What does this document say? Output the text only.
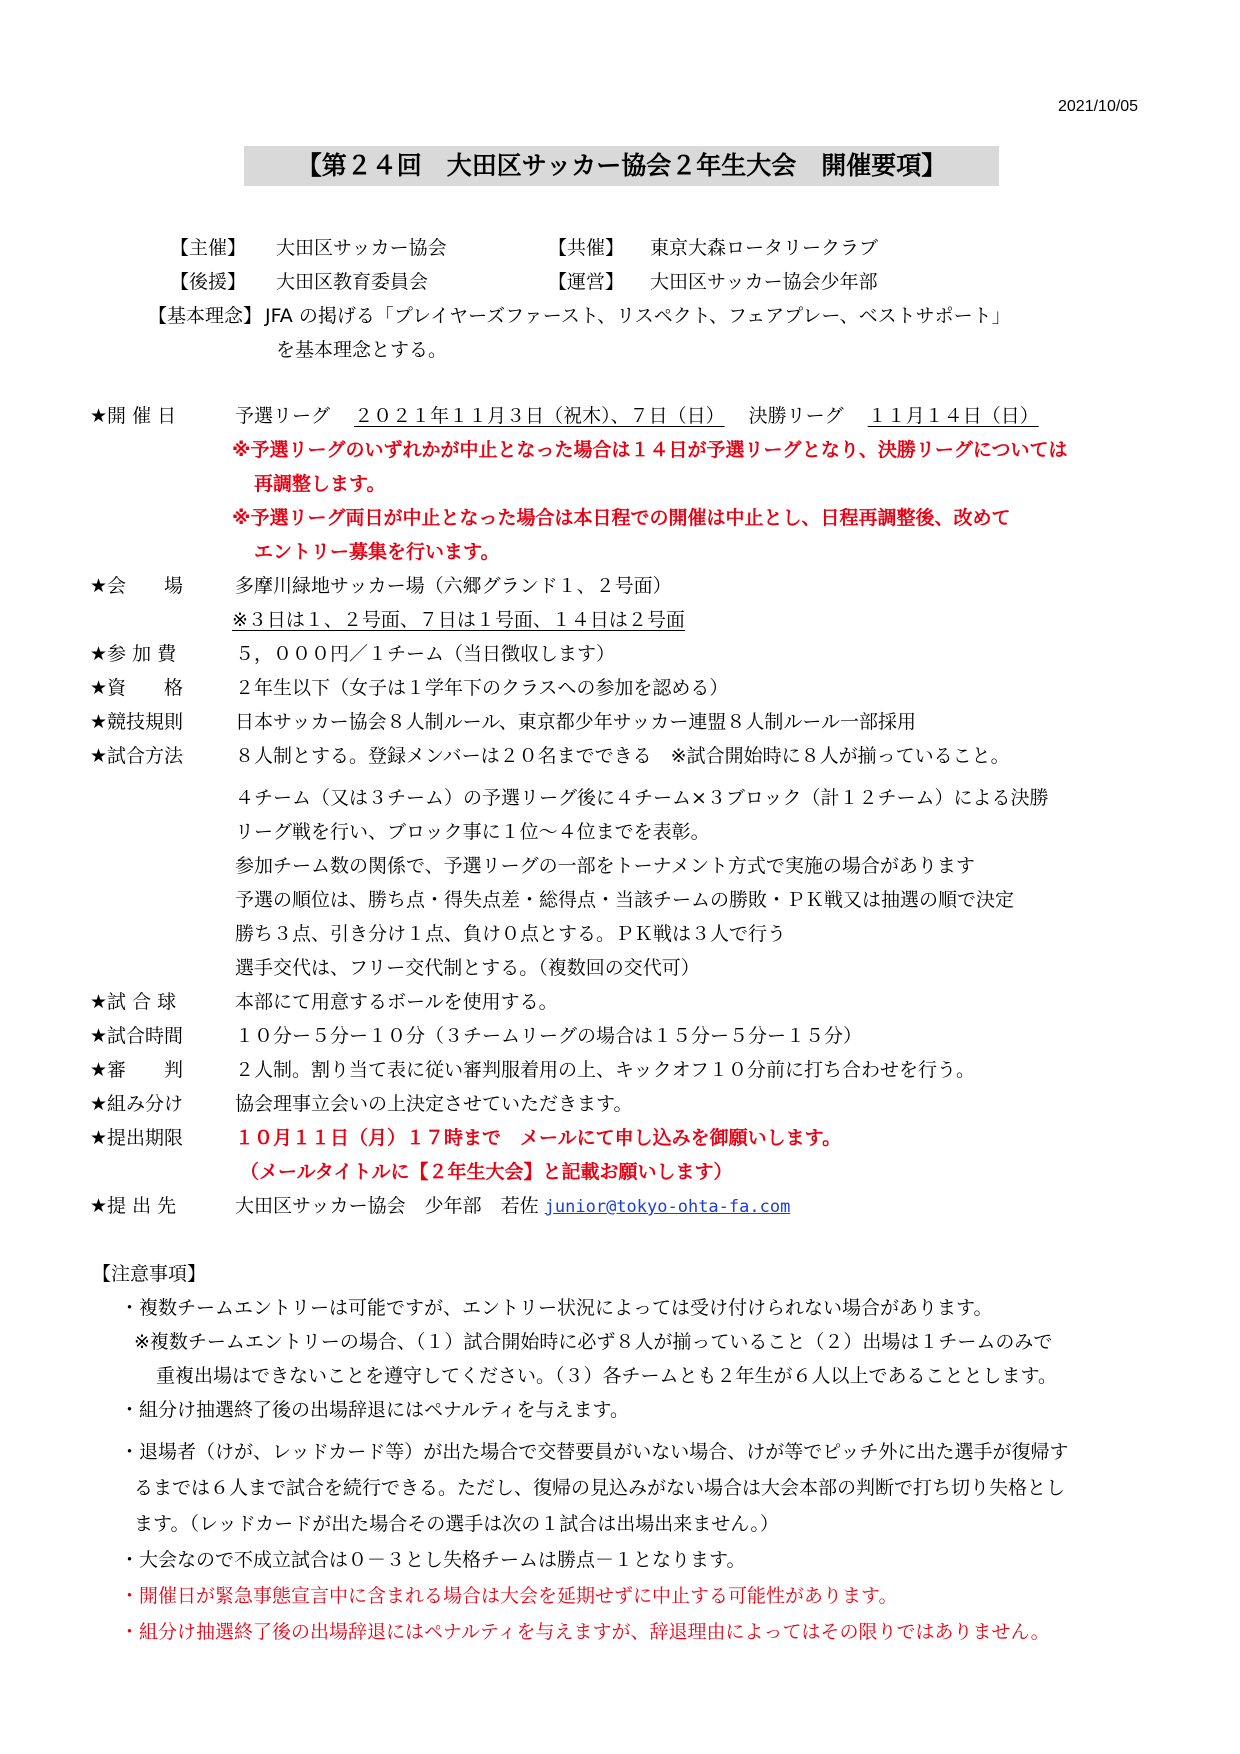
2021/10/05
【第２４回　大田区サッカー協会２年生大会　開催要項】
【主催】 大田区サッカー協会	【共催】 東京大森ロータリークラブ
【後援】 大田区教育委員会	【運営】 大田区サッカー協会少年部
【基本理念】 JFA の掲げる「プレイヤーズファースト、リスペクト、フェアプレー、ベストサポート」
を基本理念とする。
★開 催 日	予選リーグ ２０２１年１１月３日（祝木）、７日（日） 決勝リーグ １１月１４日（日）
※予選リーグのいずれかが中止となった場合は１４日が予選リーグとなり、決勝リーグについては
再調整します。
※予選リーグ両日が中止となった場合は本日程での開催は中止とし、日程再調整後、改めて
エントリー募集を行います。
★会　　場	多摩川緑地サッカー場（六郷グランド１、２号面）
※３日は１、２号面、７日は１号面、１４日は２号面
★参 加 費	５，０００円／１チーム（当日徴収します）
★資　　格	２年生以下（女子は１学年下のクラスへの参加を認める）
★競技規則	日本サッカー協会８人制ルール、東京都少年サッカー連盟８人制ルール一部採用
★試合方法	８人制とする。登録メンバーは２０名までできる　※試合開始時に８人が揃っていること。
４チーム（又は３チーム）の予選リーグ後に４チーム×３ブロック（計１２チーム）による決勝
リーグ戦を行い、ブロック事に１位～４位までを表彰。
参加チーム数の関係で、予選リーグの一部をトーナメント方式で実施の場合があります
予選の順位は、勝ち点・得失点差・総得点・当該チームの勝敗・ＰＫ戦又は抽選の順で決定
勝ち３点、引き分け１点、負け０点とする。ＰＫ戦は３人で行う
選手交代は、フリー交代制とする。（複数回の交代可）
★試 合 球	本部にて用意するボールを使用する。
★試合時間	１０分ー５分ー１０分（３チームリーグの場合は１５分ー５分ー１５分）
★審　　判	２人制。割り当て表に従い審判服着用の上、キックオフ１０分前に打ち合わせを行う。
★組み分け	協会理事立会いの上決定させていただきます。
★提出期限	１０月１１日（月）１７時まで　メールにて申し込みを御願いします。
（メールタイトルに【２年生大会】と記載お願いします）
★提 出 先	大田区サッカー協会　少年部　若佐 junior@tokyo-ohta-fa.com
【注意事項】
・複数チームエントリーは可能ですが、エントリー状況によっては受け付けられない場合があります。
※複数チームエントリーの場合、（１）試合開始時に必ず８人が揃っていること（２）出場は１チームのみで
重複出場はできないことを遵守してください。（３）各チームとも２年生が６人以上であることとします。
・組分け抽選終了後の出場辞退にはペナルティを与えます。
・退場者（けが、レッドカード等）が出た場合で交替要員がいない場合、けが等でピッチ外に出た選手が復帰す
るまでは６人まで試合を続行できる。ただし、復帰の見込みがない場合は大会本部の判断で打ち切り失格とし
ます。（レッドカードが出た場合その選手は次の１試合は出場出来ません。）
・大会なので不成立試合は０－３とし失格チームは勝点－１となります。
・開催日が緊急事態宣言中に含まれる場合は大会を延期せずに中止する可能性があります。
・組分け抽選終了後の出場辞退にはペナルティを与えますが、辞退理由によってはその限りではありません。
